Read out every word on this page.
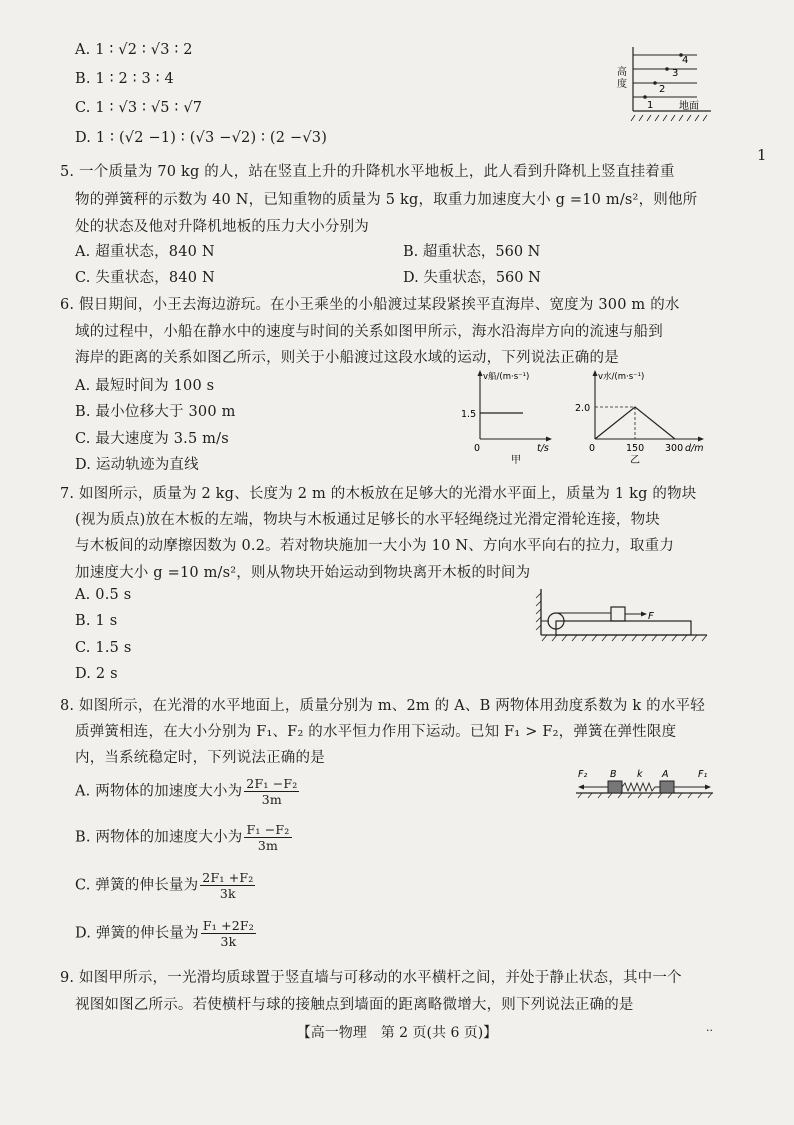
A. 1 ∶ √2 ∶ √3 ∶ 2
B. 1 ∶ 2 ∶ 3 ∶ 4
C. 1 ∶ √3 ∶ √5 ∶ √7
D. 1 ∶ (√2 −1) ∶ (√3 −√2) ∶ (2 −√3)
4
3
2
1
高
度
地面
1
5. 一个质量为 70 kg 的人，站在竖直上升的升降机水平地板上，此人看到升降机上竖直挂着重
物的弹簧秤的示数为 40 N，已知重物的质量为 5 kg，取重力加速度大小 g =10 m/s²，则他所
处的状态及他对升降机地板的压力大小分别为
A. 超重状态，840 N	B. 超重状态，560 N
C. 失重状态，840 N	D. 失重状态，560 N
6. 假日期间，小王去海边游玩。在小王乘坐的小船渡过某段紧挨平直海岸、宽度为 300 m 的水
域的过程中，小船在静水中的速度与时间的关系如图甲所示，海水沿海岸方向的流速与船到
海岸的距离的关系如图乙所示，则关于小船渡过这段水域的运动，下列说法正确的是
A. 最短时间为 100 s
B. 最小位移大于 300 m
C. 最大速度为 3.5 m/s
D. 运动轨迹为直线
v船/(m·s⁻¹)
t/s
0
1.5
甲
v水/(m·s⁻¹)
2.0
0	150 300 d/m
乙
7. 如图所示，质量为 2 kg、长度为 2 m 的木板放在足够大的光滑水平面上，质量为 1 kg 的物块
(视为质点)放在木板的左端，物块与木板通过足够长的水平轻绳绕过光滑定滑轮连接，物块
与木板间的动摩擦因数为 0.2。若对物块施加一大小为 10 N、方向水平向右的拉力，取重力
加速度大小 g =10 m/s²，则从物块开始运动到物块离开木板的时间为
A. 0.5 s
B. 1 s
C. 1.5 s
D. 2 s
F
8. 如图所示，在光滑的水平地面上，质量分别为 m、2m 的 A、B 两物体用劲度系数为 k 的水平轻
质弹簧相连，在大小分别为 F₁、F₂ 的水平恒力作用下运动。已知 F₁ > F₂，弹簧在弹性限度
内，当系统稳定时，下列说法正确的是
A. 两物体的加速度大小为 $\frac{\text{2F₁ −F₂}}{3m}$
B. 两物体的加速度大小为 $\frac{\text{F₁ −F₂}}{3m}$
C. 弹簧的伸长量为 $\frac{\text{2F₁ +F₂}}{3k}$
D. 弹簧的伸长量为 $\frac{\text{F₁ +2F₂}}{3k}$
F₂ B k A	F₁
9. 如图甲所示，一光滑均质球置于竖直墙与可移动的水平横杆之间，并处于静止状态，其中一个
视图如图乙所示。若使横杆与球的接触点到墙面的距离略微增大，则下列说法正确的是
【高一物理　第 2 页(共 6 页)】	··
